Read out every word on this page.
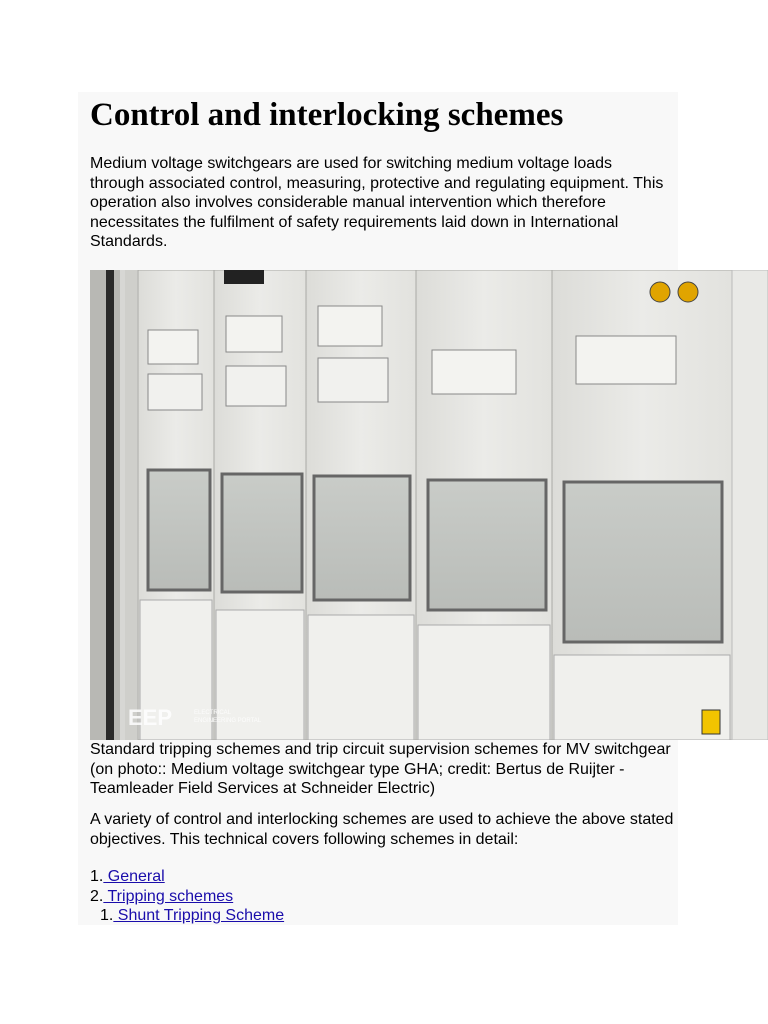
Control and interlocking schemes

Medium voltage switchgears are used for switching medium voltage loads through associated control, measuring, protective and regulating equipment. This operation also involves considerable manual intervention which therefore necessitates the fulfilment of safety requirements laid down in International Standards.

EEP	ELECTRICAL
ENGINEERING PORTAL

Standard tripping schemes and trip circuit supervision schemes for MV switchgear (on photo:: Medium voltage switchgear type GHA; credit: Bertus de Ruijter - Teamleader Field Services at Schneider Electric)

A variety of control and interlocking schemes are used to achieve the above stated objectives. This technical covers following schemes in detail:

1. General
2. Tripping schemes
1. Shunt Tripping Scheme
